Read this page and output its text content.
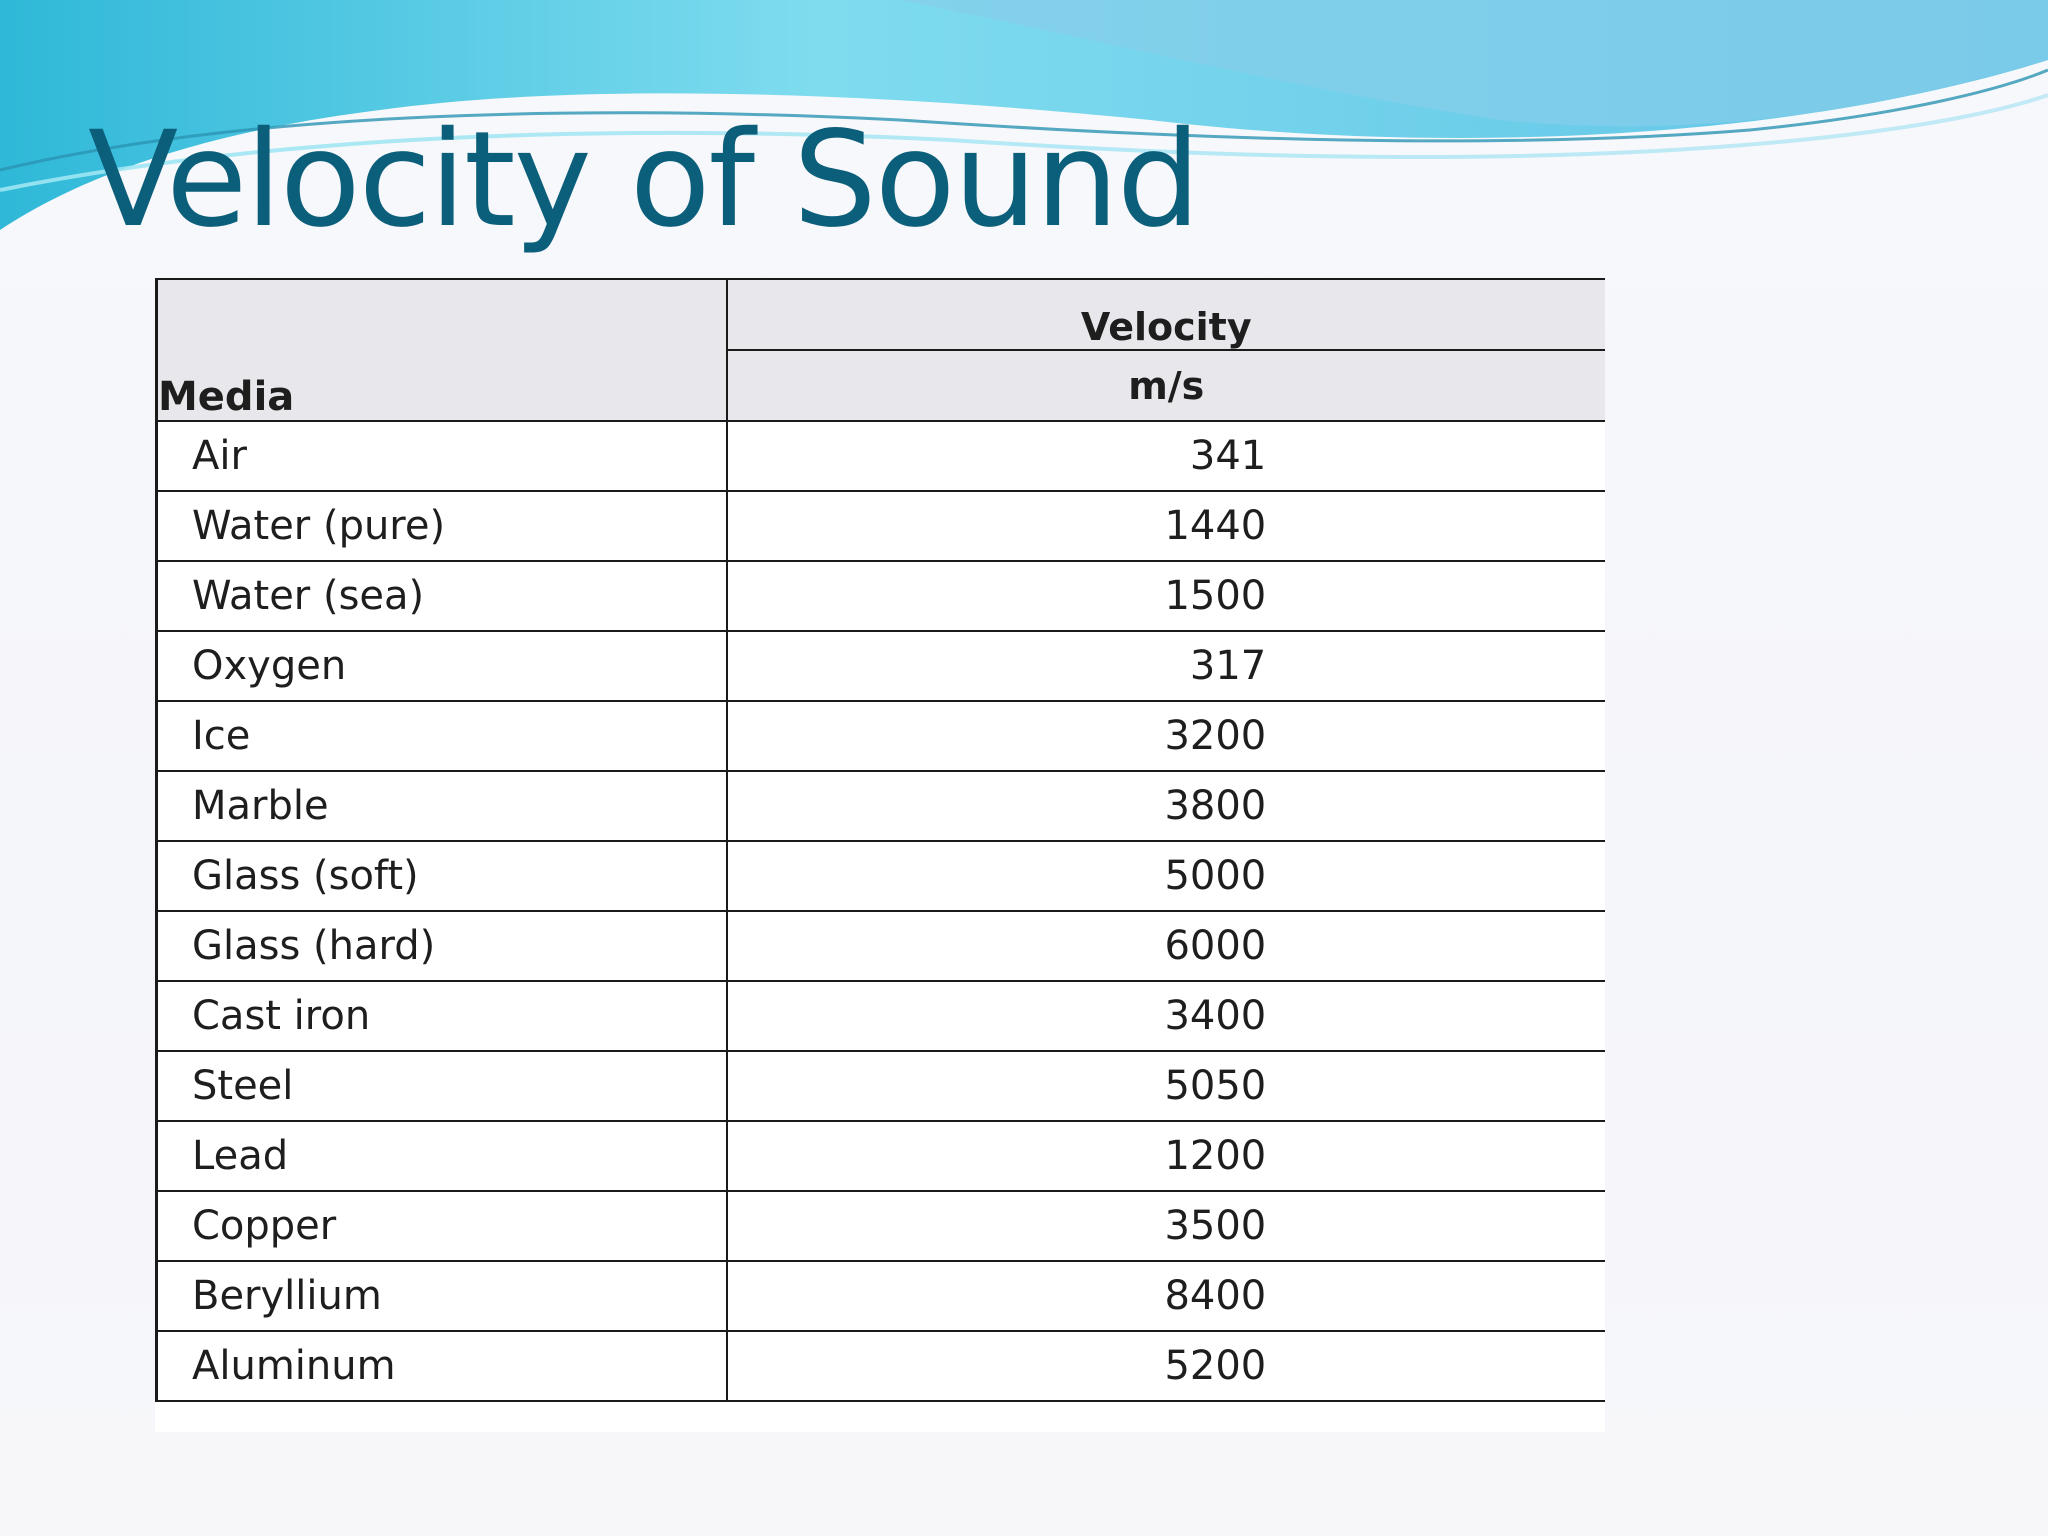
Velocity of Sound
Media	Velocity
	m/s
Air	341
Water (pure)	1440
Water (sea)	1500
Oxygen	317
Ice	3200
Marble	3800
Glass (soft)	5000
Glass (hard)	6000
Cast iron	3400
Steel	5050
Lead	1200
Copper	3500
Beryllium	8400
Aluminum	5200
